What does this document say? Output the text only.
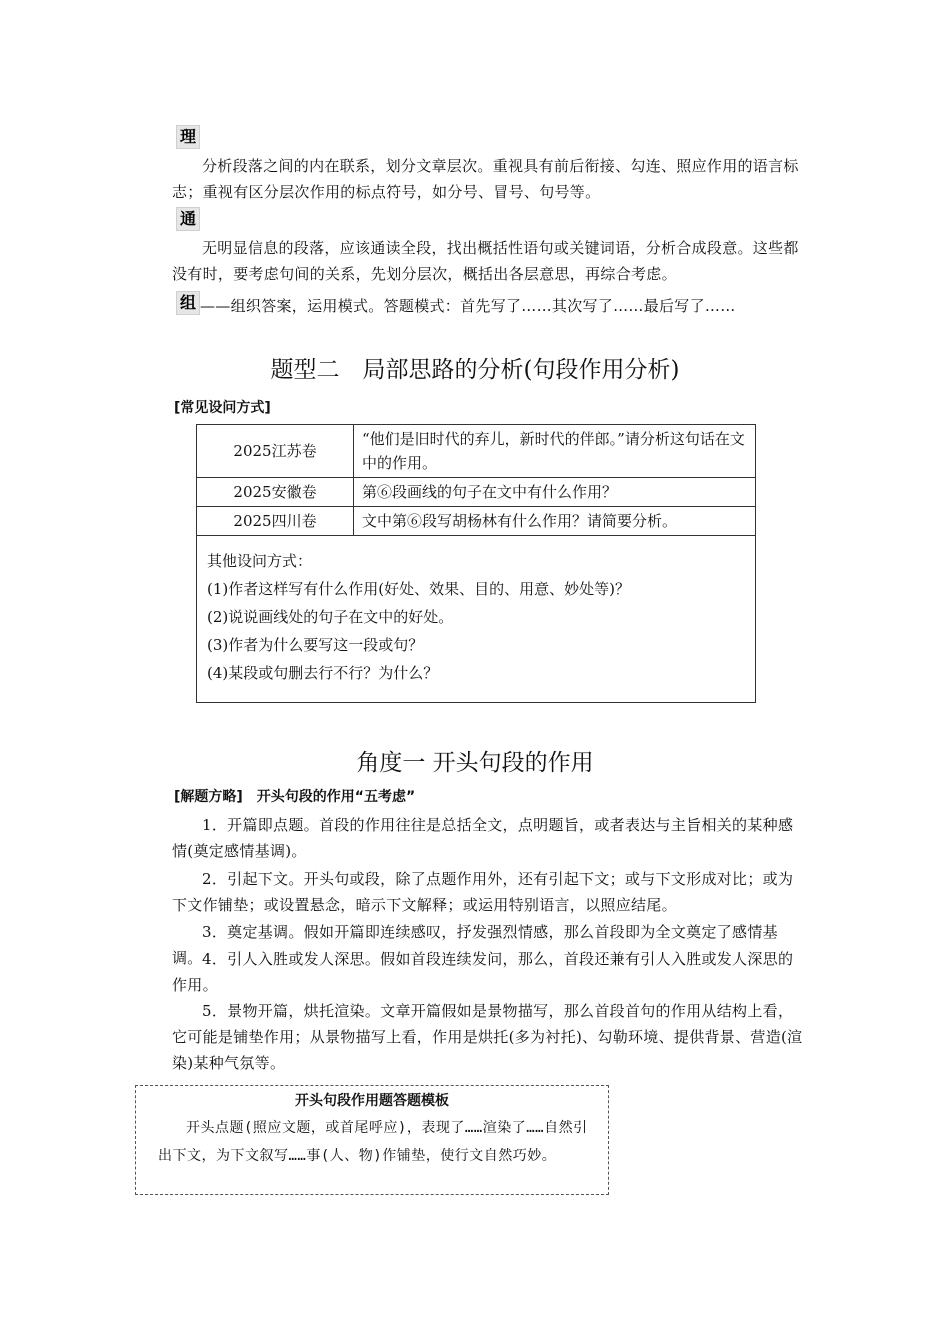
理
分析段落之间的内在联系，划分文章层次。重视具有前后衔接、勾连、照应作用的语言标志；重视有区分层次作用的标点符号，如分号、冒号、句号等。
通
无明显信息的段落，应该通读全段，找出概括性语句或关键词语，分析合成段意。这些都没有时，要考虑句间的关系，先划分层次，概括出各层意思，再综合考虑。
组 ——组织答案，运用模式。答题模式：首先写了……其次写了……最后写了……
题型二　局部思路的分析(句段作用分析)
[常见设问方式]
2025江苏卷	“他们是旧时代的弃儿，新时代的伴郎。”请分析这句话在文中的作用。
2025安徽卷	第⑥段画线的句子在文中有什么作用？
2025四川卷	文中第⑥段写胡杨林有什么作用？请简要分析。
其他设问方式：
(1)作者这样写有什么作用(好处、效果、目的、用意、妙处等)？
(2)说说画线处的句子在文中的好处。
(3)作者为什么要写这一段或句？
(4)某段或句删去行不行？为什么？
角度一 开头句段的作用
[解题方略]　开头句段的作用“五考虑”
1．开篇即点题。首段的作用往往是总括全文，点明题旨，或者表达与主旨相关的某种感情(奠定感情基调)。
2．引起下文。开头句或段，除了点题作用外，还有引起下文；或与下文形成对比；或为下文作铺垫；或设置悬念，暗示下文解释；或运用特别语言，以照应结尾。
3．奠定基调。假如开篇即连续感叹，抒发强烈情感，那么首段即为全文奠定了感情基调。 4．引人入胜或发人深思。假如首段连续发问，那么，首段还兼有引人入胜或发人深思的作用。
5．景物开篇，烘托渲染。文章开篇假如是景物描写，那么首段首句的作用从结构上看，它可能是铺垫作用；从景物描写上看，作用是烘托(多为衬托)、勾勒环境、提供背景、营造(渲染)某种气氛等。
开头句段作用题答题模板
开头点题(照应文题，或首尾呼应)，表现了……渲染了……自然引出下文，为下文叙写……事(人、物)作铺垫，使行文自然巧妙。
